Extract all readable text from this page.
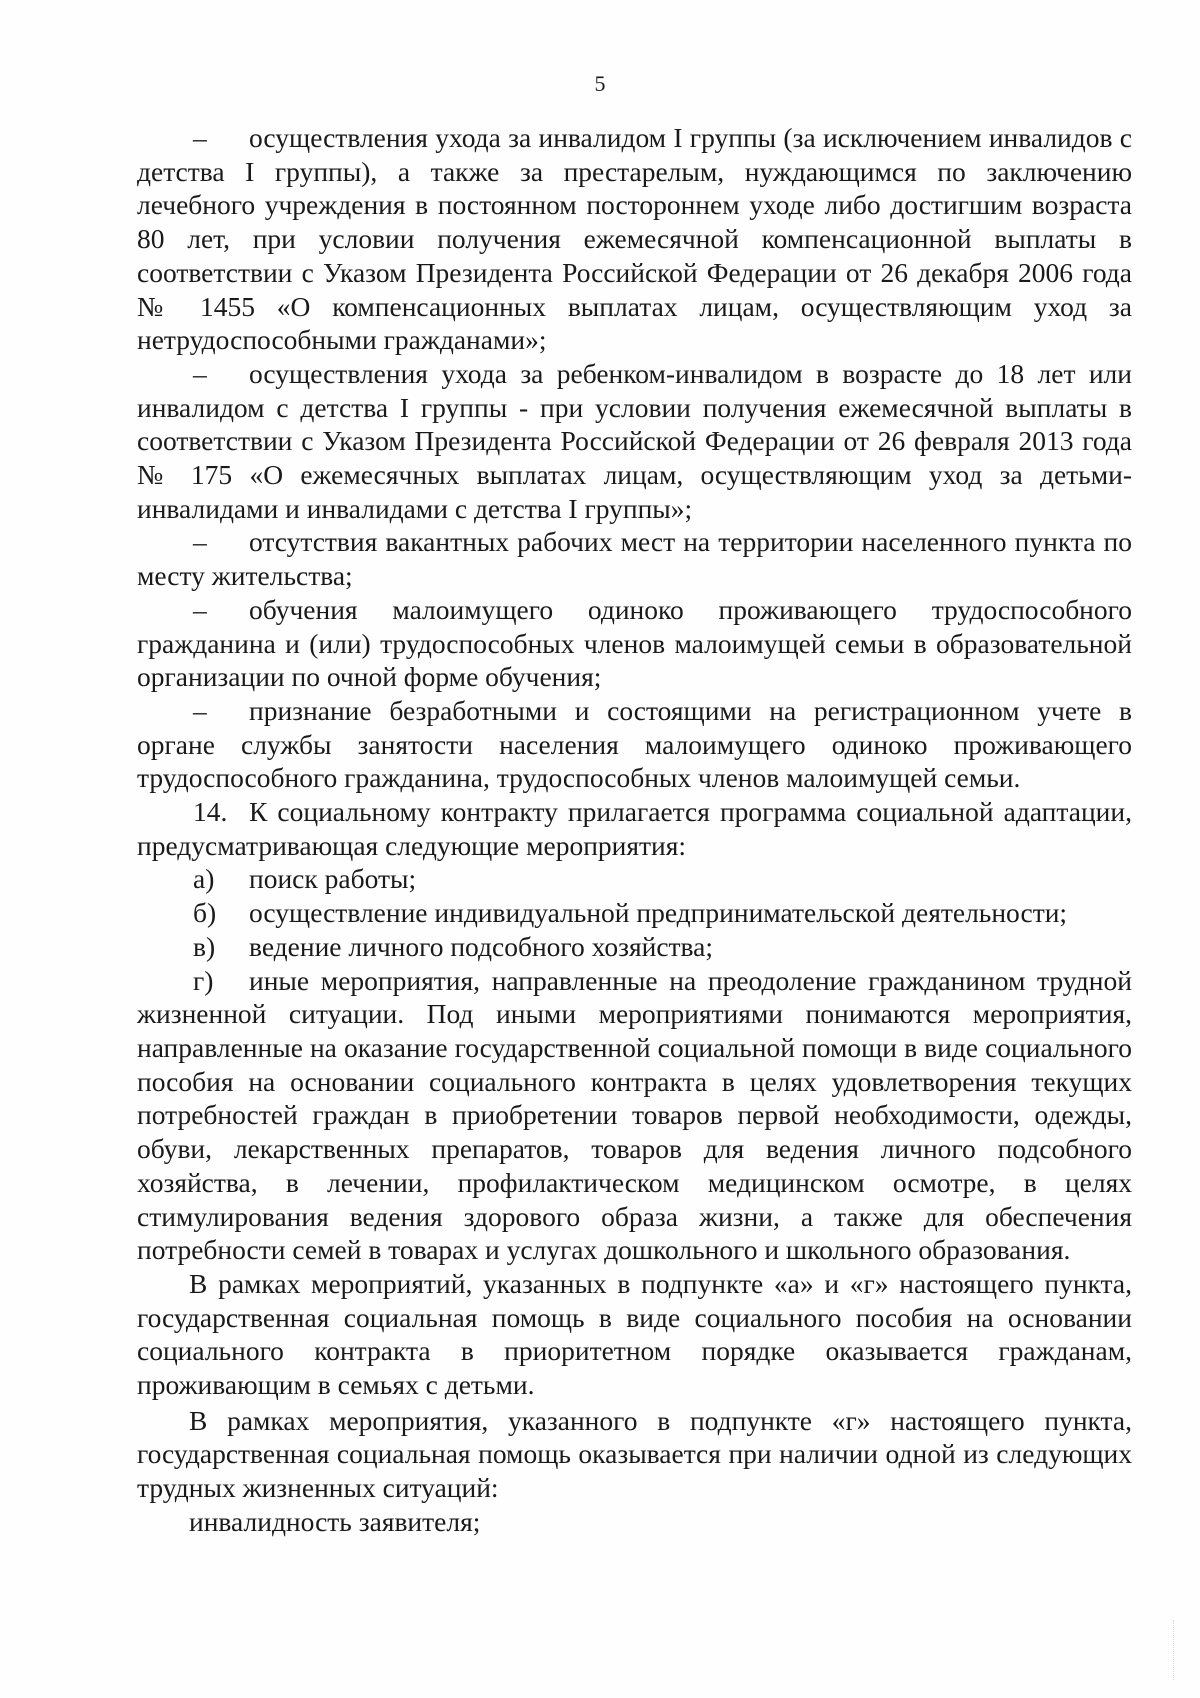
5

– осуществления ухода за инвалидом I группы (за исключением инвалидов с детства I группы), а также за престарелым, нуждающимся по заключению лечебного учреждения в постоянном постороннем уходе либо достигшим возраста 80 лет, при условии получения ежемесячной компенсационной выплаты в соответствии с Указом Президента Российской Федерации от 26 декабря 2006 года № 1455 «О компенсационных выплатах лицам, осуществляющим уход за нетрудоспособными гражданами»;

– осуществления ухода за ребенком-инвалидом в возрасте до 18 лет или инвалидом с детства I группы - при условии получения ежемесячной выплаты в соответствии с Указом Президента Российской Федерации от 26 февраля 2013 года № 175 «О ежемесячных выплатах лицам, осуществляющим уход за детьми-инвалидами и инвалидами с детства I группы»;

– отсутствия вакантных рабочих мест на территории населенного пункта по месту жительства;

– обучения малоимущего одиноко проживающего трудоспособного гражданина и (или) трудоспособных членов малоимущей семьи в образовательной организации по очной форме обучения;

– признание безработными и состоящими на регистрационном учете в органе службы занятости населения малоимущего одиноко проживающего трудоспособного гражданина, трудоспособных членов малоимущей семьи.

14. К социальному контракту прилагается программа социальной адаптации, предусматривающая следующие мероприятия:

а) поиск работы;

б) осуществление индивидуальной предпринимательской деятельности;

в) ведение личного подсобного хозяйства;

г) иные мероприятия, направленные на преодоление гражданином трудной жизненной ситуации. Под иными мероприятиями понимаются мероприятия, направленные на оказание государственной социальной помощи в виде социального пособия на основании социального контракта в целях удовлетворения текущих потребностей граждан в приобретении товаров первой необходимости, одежды, обуви, лекарственных препаратов, товаров для ведения личного подсобного хозяйства, в лечении, профилактическом медицинском осмотре, в целях стимулирования ведения здорового образа жизни, а также для обеспечения потребности семей в товарах и услугах дошкольного и школьного образования.

В рамках мероприятий, указанных в подпункте «а» и «г» настоящего пункта, государственная социальная помощь в виде социального пособия на основании социального контракта в приоритетном порядке оказывается гражданам, проживающим в семьях с детьми.

В рамках мероприятия, указанного в подпункте «г» настоящего пункта, государственная социальная помощь оказывается при наличии одной из следующих трудных жизненных ситуаций:

инвалидность заявителя;
